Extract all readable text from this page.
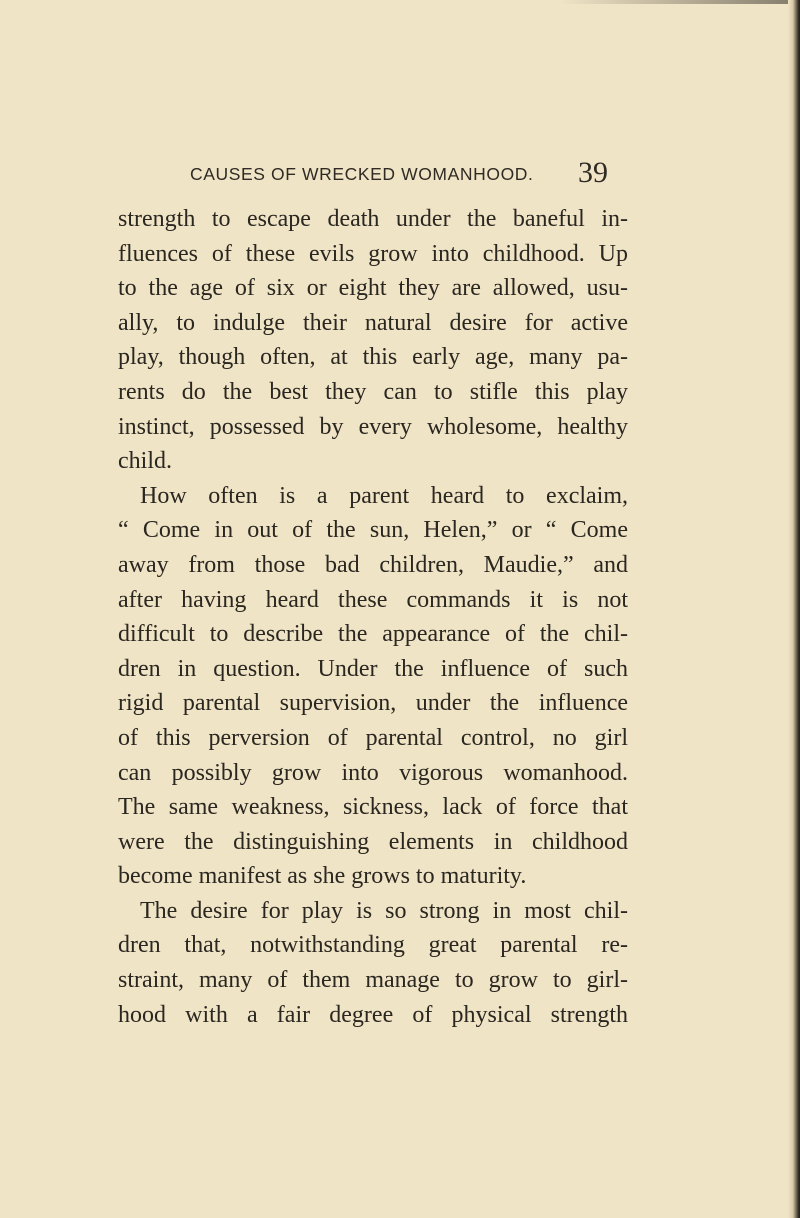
CAUSES OF WRECKED WOMANHOOD. 39
strength to escape death under the baneful in-
fluences of these evils grow into childhood. Up
to the age of six or eight they are allowed, usu-
ally, to indulge their natural desire for active
play, though often, at this early age, many pa-
rents do the best they can to stifle this play
instinct, possessed by every wholesome, healthy
child.
How often is a parent heard to exclaim,
“ Come in out of the sun, Helen,” or “ Come
away from those bad children, Maudie,” and
after having heard these commands it is not
difficult to describe the appearance of the chil-
dren in question. Under the influence of such
rigid parental supervision, under the influence
of this perversion of parental control, no girl
can possibly grow into vigorous womanhood.
The same weakness, sickness, lack of force that
were the distinguishing elements in childhood
become manifest as she grows to maturity.
The desire for play is so strong in most chil-
dren that, notwithstanding great parental re-
straint, many of them manage to grow to girl-
hood with a fair degree of physical strength
